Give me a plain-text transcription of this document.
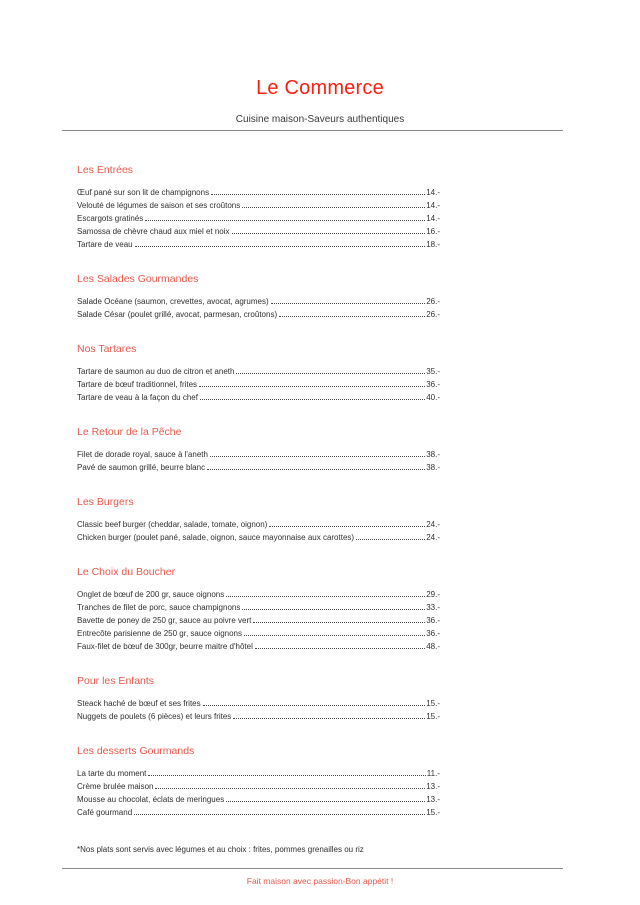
Le Commerce
Cuisine maison-Saveurs authentiques
Les Entrées
Œuf pané sur son lit de champignons	14.-
Velouté de légumes de saison et ses croûtons	14.-
Escargots gratinés	14.-
Samossa de chèvre chaud aux miel et noix	16.-
Tartare de veau	18.-
Les Salades Gourmandes
Salade Océane (saumon, crevettes, avocat, agrumes)	26.-
Salade César (poulet grillé, avocat, parmesan, croûtons)	26.-
Nos Tartares
Tartare de saumon au duo de citron et aneth	35.-
Tartare de bœuf traditionnel, frites	36.-
Tartare de veau à la façon du chef	40.-
Le Retour de la Pêche
Filet de dorade royal, sauce à l'aneth	38.-
Pavé de saumon grillé, beurre blanc	38.-
Les Burgers
Classic beef burger (cheddar, salade, tomate, oignon)	24.-
Chicken burger (poulet pané, salade, oignon, sauce mayonnaise aux carottes)	24.-
Le Choix du Boucher
Onglet de bœuf de 200 gr, sauce oignons	29.-
Tranches de filet de porc, sauce champignons	33.-
Bavette de poney de 250 gr, sauce au poivre vert	36.-
Entrecôte parisienne de 250 gr, sauce oignons	36.-
Faux-filet de bœuf de 300gr, beurre maitre d'hôtel	48.-
Pour les Enfants
Steack haché de bœuf et ses frites	15.-
Nuggets de poulets (6 pièces) et leurs frites	15.-
Les desserts Gourmands
La tarte du moment	11.-
Crème brulée maison	13.-
Mousse au chocolat, éclats de meringues	13.-
Café gourmand	15.-
*Nos plats sont servis avec légumes et au choix : frites, pommes grenailles ou riz
Fait maison avec passion-Bon appétit !
